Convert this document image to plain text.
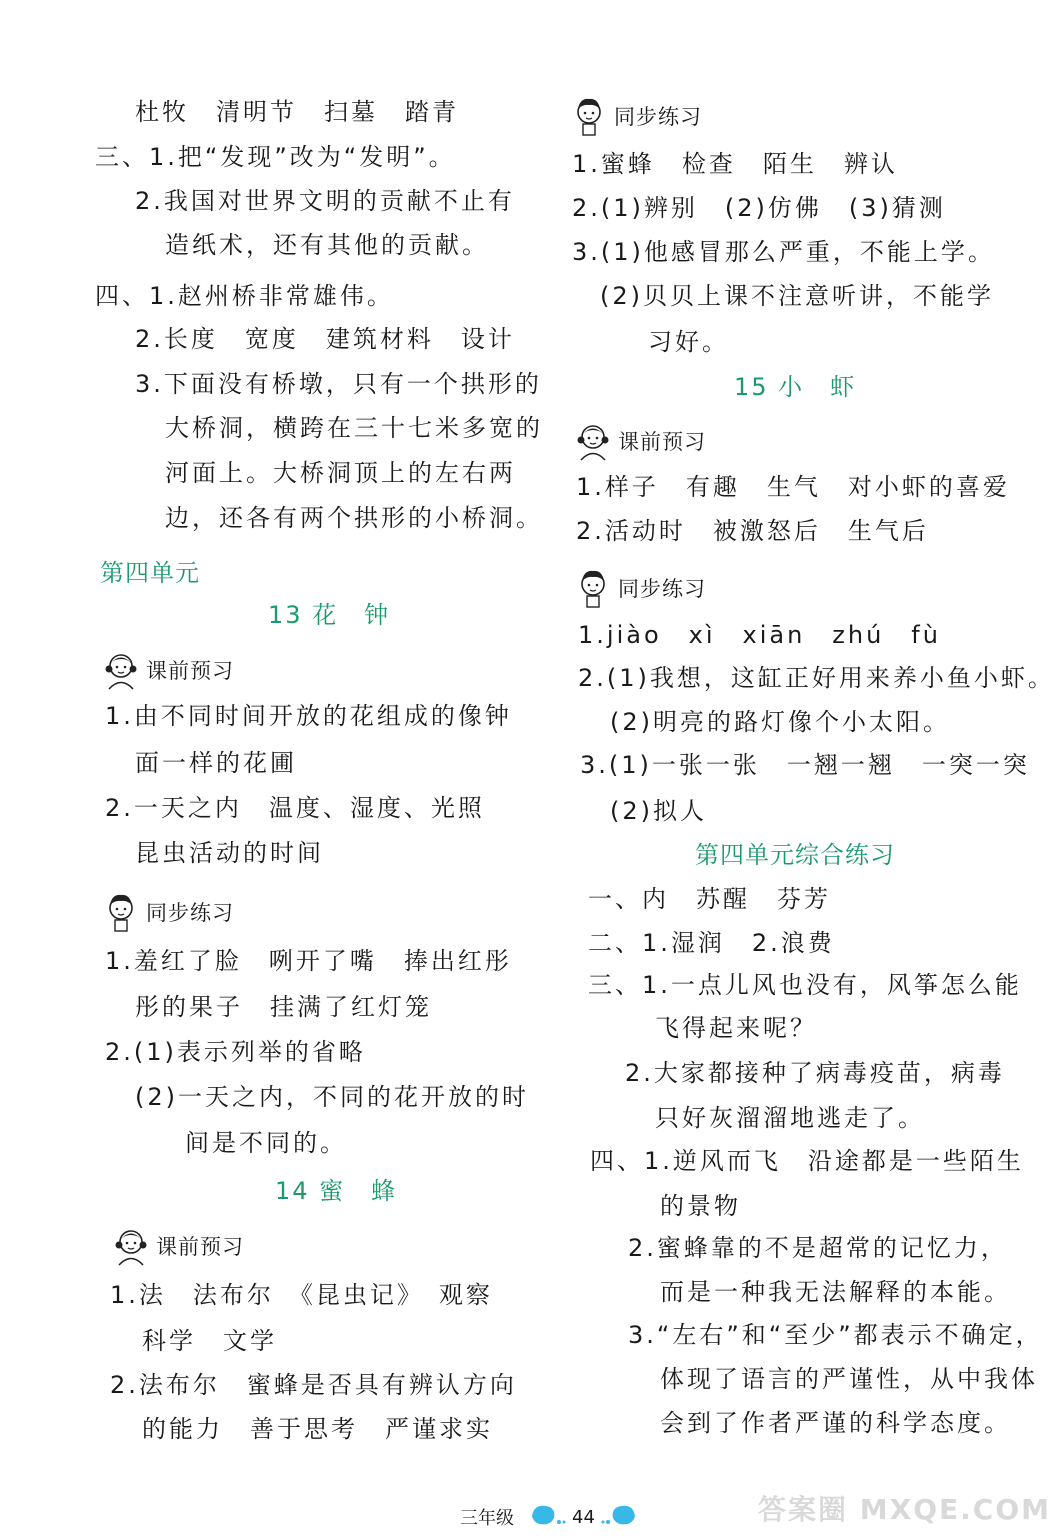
杜牧　清明节　扫墓　踏青
三、1.把“发现”改为“发明”。
2.我国对世界文明的贡献不止有
造纸术，还有其他的贡献。
四、1.赵州桥非常雄伟。
2.长度　宽度　建筑材料　设计
3.下面没有桥墩，只有一个拱形的
大桥洞，横跨在三十七米多宽的
河面上。大桥洞顶上的左右两
边，还各有两个拱形的小桥洞。
第四单元
13 花　钟
课前预习
1.由不同时间开放的花组成的像钟
面一样的花圃
2.一天之内　温度、湿度、光照
昆虫活动的时间
同步练习
1.羞红了脸　咧开了嘴　捧出红彤
彤的果子　挂满了红灯笼
2.(1)表示列举的省略
(2)一天之内，不同的花开放的时
间是不同的。
14 蜜　蜂
课前预习
1.法　法布尔　《昆虫记》　观察
科学　文学
2.法布尔　蜜蜂是否具有辨认方向
的能力　善于思考　严谨求实
同步练习
1.蜜蜂　检查　陌生　辨认
2.(1)辨别　(2)仿佛　(3)猜测
3.(1)他感冒那么严重，不能上学。
(2)贝贝上课不注意听讲，不能学
习好。
15 小　虾
课前预习
1.样子　有趣　生气　对小虾的喜爱
2.活动时　被激怒后　生气后
同步练习
1.jiào　xì　xiān　zhú　fù
2.(1)我想，这缸正好用来养小鱼小虾。
(2)明亮的路灯像个小太阳。
3.(1)一张一张　一翘一翘　一突一突
(2)拟人
第四单元综合练习
一、内　苏醒　芬芳
二、1.湿润　2.浪费
三、1.一点儿风也没有，风筝怎么能
飞得起来呢？
2.大家都接种了病毒疫苗，病毒
只好灰溜溜地逃走了。
四、1.逆风而飞　沿途都是一些陌生
的景物
2.蜜蜂靠的不是超常的记忆力，
而是一种我无法解释的本能。
3.“左右”和“至少”都表示不确定，
体现了语言的严谨性，从中我体
会到了作者严谨的科学态度。
三年级	44	答案圈 MXQE.COM
